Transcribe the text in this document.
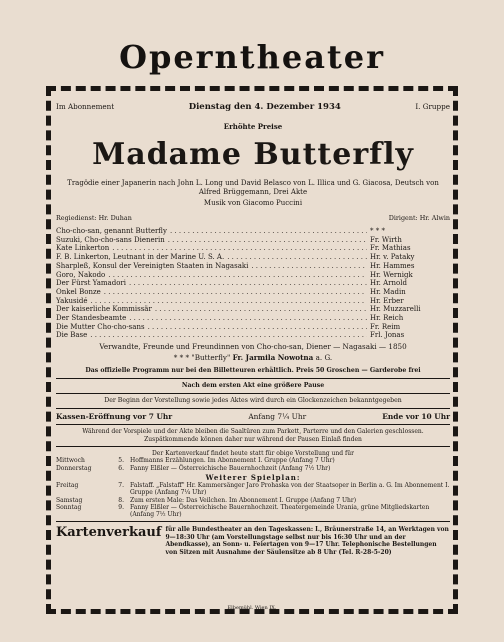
Operntheater
Im Abonnement	Dienstag den 4. Dezember 1934	I. Gruppe
Erhöhte Preise
Madame Butterfly
Tragödie einer Japanerin nach John L. Long und David Belasco von L. Illica und G. Giacosa, Deutsch von Alfred Brüggemann, Drei Akte
Musik von Giacomo Puccini
Regiedienst: Hr. Duhan	Dirigent: Hr. Alwin
Cho-cho-san, genannt Butterfly . . .	* * *
Suzuki, Cho-cho-sans Dienerin . . .	Fr. Wirth
Kate Linkerton . . .	Fr. Mathias
F. B. Linkerton, Leutnant in der Marine U. S. A. . . .	Hr. v. Pataky
Sharpleß, Konsul der Vereinigten Staaten in Nagasaki . . .	Hr. Hammes
Goro, Nakodo . . .	Hr. Wernigk
Der Fürst Yamadori . . .	Hr. Arnold
Onkel Bonze . . .	Hr. Madin
Yakusidé . . .	Hr. Erber
Der kaiserliche Kommissär . . .	Hr. Muzzarelli
Der Standesbeamte . . .	Hr. Reich
Die Mutter Cho-cho-sans . . .	Fr. Reim
Die Base . . .	Frl. Jonas
Verwandte, Freunde und Freundinnen von Cho-cho-san, Diener — Nagasaki — 1850
* * * "Butterfly" Fr. Jarmila Nowotna a. G.
Das offizielle Programm nur bei den Billetteuren erhältlich. Preis 50 Groschen — Garderobe frei
Nach dem ersten Akt eine größere Pause
Der Beginn der Vorstellung sowie jedes Aktes wird durch ein Glockenzeichen bekanntgegeben
Kassen-Eröffnung vor 7 Uhr	Anfang 7¼ Uhr	Ende vor 10 Uhr
Während der Vorspiele und der Akte bleiben die Saaltüren zum Parkett, Parterre und den Galerien geschlossen. Zuspätkommende können daher nur während der Pausen Einlaß finden
Der Kartenverkauf findet heute statt für obige Vorstellung und für
Mittwoch	5. Hoffmanns Erzählungen. Im Abonnement I. Gruppe (Anfang 7 Uhr)
Donnerstag	6. Fanny Elßler — Österreichische Bauernhochzeit (Anfang 7½ Uhr)
Weiterer Spielplan:
Freitag	7. Falstaff. „Falstaff" Hr. Kammersänger Jaro Prohaska von der Staatsoper in Berlin a. G. Im Abonnement I. Gruppe (Anfang 7¼ Uhr)
Samstag	8. Zum ersten Male: Das Veilchen. Im Abonnement I. Gruppe (Anfang 7 Uhr)
Sonntag	9. Fanny Elßler — Österreichische Bauernhochzeit. Theatergemeinde Urania, grüne Mitgliedskarten (Anfang 7½ Uhr)
Kartenverkauf für alle Bundestheater an den Tageskassen: I., Bräunerstraße 14, an Werktagen von 9—18:30 Uhr (am Vorstellungstage selbst nur bis 16:30 Uhr und an der Abendkasse), an Sonn- u. Feiertagen von 9—17 Uhr. Telephonische Bestellungen von Sitzen mit Ausnahme der Säulensitze ab 8 Uhr (Tel. R-28-5-20)
Elbemühl. Wien IX.
